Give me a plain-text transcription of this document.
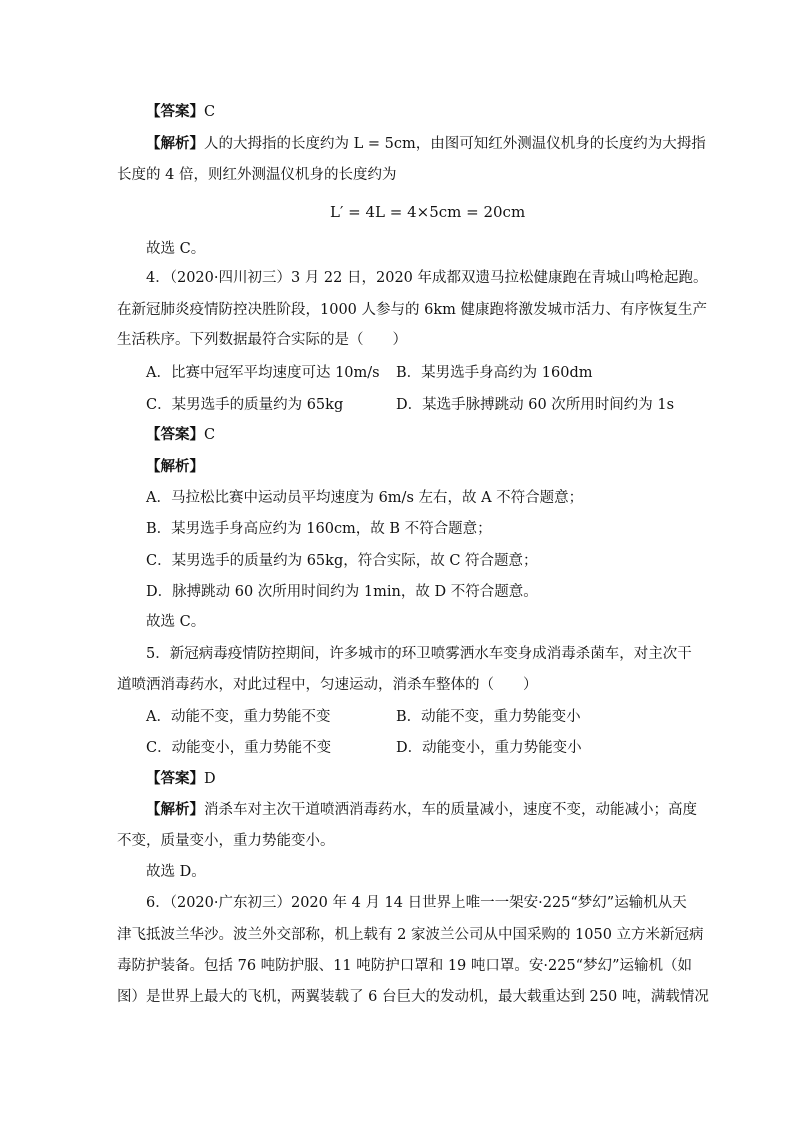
【答案】C
【解析】人的大拇指的长度约为 L = 5cm，由图可知红外测温仪机身的长度约为大拇指
长度的 4 倍，则红外测温仪机身的长度约为
L′ = 4L = 4×5cm = 20cm
故选 C。
4．（2020·四川初三）3 月 22 日，2020 年成都双遗马拉松健康跑在青城山鸣枪起跑。
在新冠肺炎疫情防控决胜阶段，1000 人参与的 6km 健康跑将激发城市活力、有序恢复生产
生活秩序。下列数据最符合实际的是（　　）
A．比赛中冠军平均速度可达 10m/s B．某男选手身高约为 160dm
C．某男选手的质量约为 65kg	D．某选手脉搏跳动 60 次所用时间约为 1s
【答案】C
【解析】
A．马拉松比赛中运动员平均速度为 6m/s 左右，故 A 不符合题意；
B．某男选手身高应约为 160cm，故 B 不符合题意；
C．某男选手的质量约为 65kg，符合实际，故 C 符合题意；
D．脉搏跳动 60 次所用时间约为 1min，故 D 不符合题意。
故选 C。
5．新冠病毒疫情防控期间，许多城市的环卫喷雾洒水车变身成消毒杀菌车，对主次干
道喷洒消毒药水，对此过程中，匀速运动，消杀车整体的（　　）
A．动能不变，重力势能不变	B．动能不变，重力势能变小
C．动能变小，重力势能不变	D．动能变小，重力势能变小
【答案】D
【解析】消杀车对主次干道喷洒消毒药水，车的质量减小，速度不变，动能减小；高度
不变，质量变小，重力势能变小。
故选 D。
6．（2020·广东初三）2020 年 4 月 14 日世界上唯一一架安·225“梦幻”运输机从天
津飞抵波兰华沙。波兰外交部称，机上载有 2 家波兰公司从中国采购的 1050 立方米新冠病
毒防护装备。包括 76 吨防护服、11 吨防护口罩和 19 吨口罩。安·225“梦幻”运输机（如
图）是世界上最大的飞机，两翼装载了 6 台巨大的发动机，最大载重达到 250 吨，满载情况
